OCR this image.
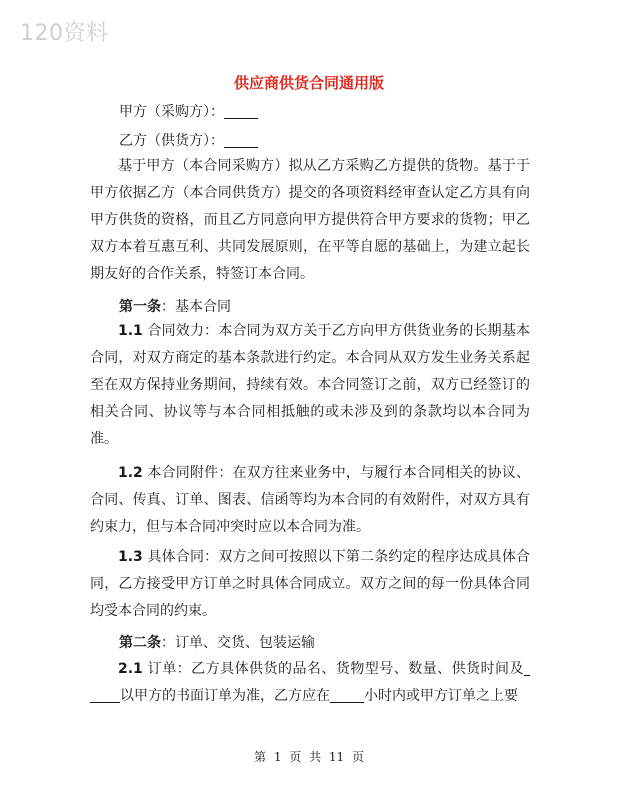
120资料
供应商供货合同通用版
甲方（采购方）：
乙方（供货方）：
基于甲方（本合同采购方）拟从乙方采购乙方提供的货物。基于于甲方依据乙方（本合同供货方）提交的各项资料经审查认定乙方具有向甲方供货的资格，而且乙方同意向甲方提供符合甲方要求的货物；甲乙双方本着互惠互利、共同发展原则，在平等自愿的基础上，为建立起长期友好的合作关系，特签订本合同。
第一条：基本合同
1.1 合同效力：本合同为双方关于乙方向甲方供货业务的长期基本合同，对双方商定的基本条款进行约定。本合同从双方发生业务关系起至在双方保持业务期间，持续有效。本合同签订之前，双方已经签订的相关合同、协议等与本合同相抵触的或未涉及到的条款均以本合同为准。
1.2 本合同附件：在双方往来业务中，与履行本合同相关的协议、合同、传真、订单、图表、信函等均为本合同的有效附件，对双方具有约束力，但与本合同冲突时应以本合同为准。
1.3 具体合同：双方之间可按照以下第二条约定的程序达成具体合同，乙方接受甲方订单之时具体合同成立。双方之间的每一份具体合同均受本合同的约束。
第二条：订单、交货、包装运输
2.1 订单：乙方具体供货的品名、货物型号、数量、供货时间及以甲方的书面订单为准，乙方应在 小时内或甲方订单之上要
第 1 页 共 11 页
